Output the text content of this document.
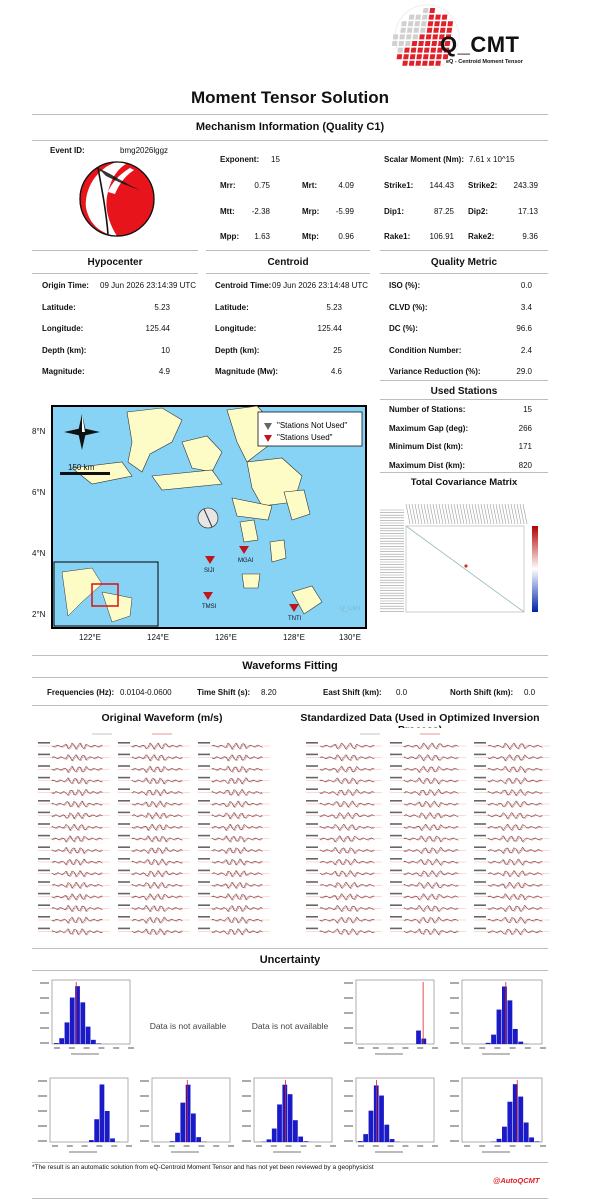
Q_CMT
eQ - Centroid Moment Tensor
Moment Tensor Solution
Mechanism Information (Quality C1)
Event ID:	bmg2026lggz
Exponent: 15	Scalar Moment (Nm): 7.61 x 10^15
Mrr:	0.75	Mrt:	4.09	Strike1:	144.43 Strike2:	243.39
Mtt:	-2.38	Mrp:	-5.99	Dip1:	87.25 Dip2:	17.13
Mpp:	1.63	Mtp:	0.96	Rake1:	106.91 Rake2:	9.36
Hypocenter	Centroid	Quality Metric
8°N
6°N
4°N
2°N
122°E	124°E	126°E	128°E	130°E
150 km
"Stations Not Used"
"Stations Used"
SIJI
MGAI
TMSI
TNTI
Q_CMT
Used Stations
Total Covariance Matrix
Waveforms Fitting
Frequencies (Hz): 0.0104-0.0600	Time Shift (s): 8.20	East Shift (km): 0.0	North Shift (km): 0.0
Original Waveform (m/s)	Standardized Data (Used in Optimized Inversion
Uncertainty
Data is not available	Data is not available
*The result is an automatic solution from eQ-Centroid Moment Tensor and has not yet been reviewed by a geophysicist
@AutoQCMT
Origin Time: 09 Jun 2026 23:14:39 UTC
Latitude:	5.23
Longitude:	125.44
Depth (km):	10
Magnitude:	4.9
Centroid Time: 09 Jun 2026 23:14:48 UTC
Latitude:	5.23
Longitude:	125.44
Depth (km):	25
Magnitude (Mw):	4.6
ISO (%):	0.0
CLVD (%):	3.4
DC (%):	96.6
Condition Number:	2.4
Variance Reduction (%):	29.0
Number of Stations:	15
Maximum Gap (deg):	266
Minimum Dist (km):	171
Maximum Dist (km):	820
